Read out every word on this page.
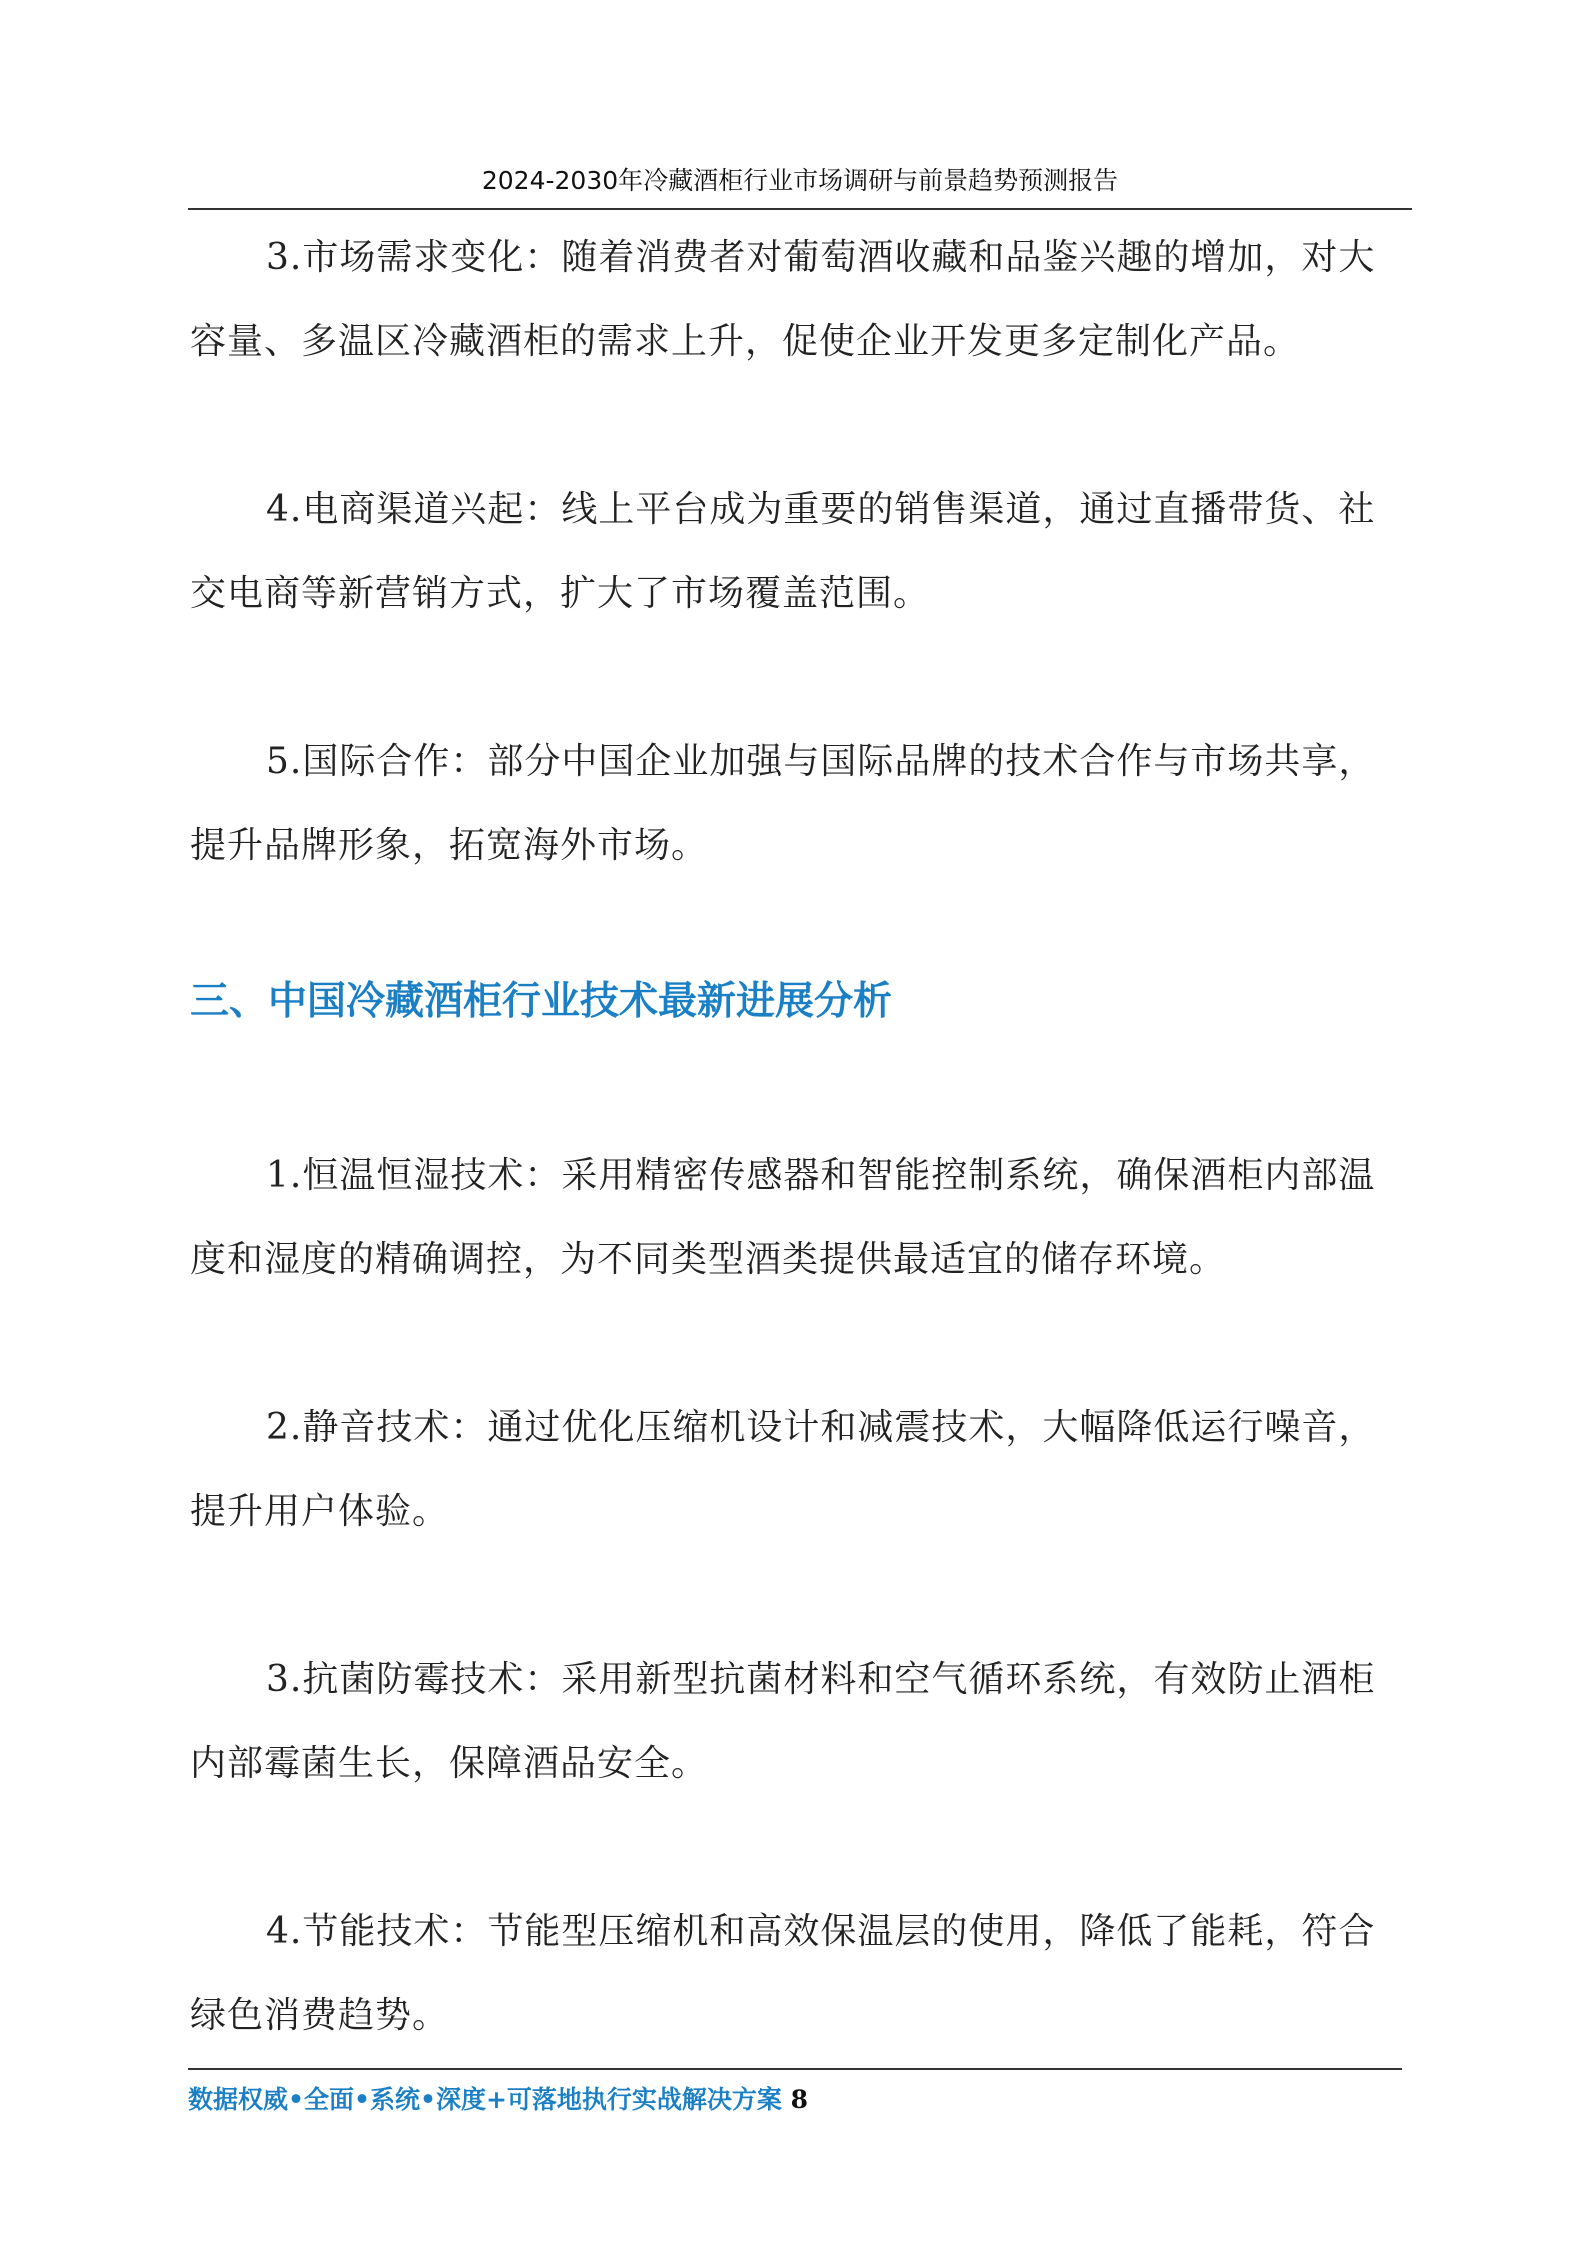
2024-2030年冷藏酒柜行业市场调研与前景趋势预测报告

3.市场需求变化：随着消费者对葡萄酒收藏和品鉴兴趣的增加，对大容量、多温区冷藏酒柜的需求上升，促使企业开发更多定制化产品。

4.电商渠道兴起：线上平台成为重要的销售渠道，通过直播带货、社交电商等新营销方式，扩大了市场覆盖范围。

5.国际合作：部分中国企业加强与国际品牌的技术合作与市场共享，提升品牌形象，拓宽海外市场。

三、中国冷藏酒柜行业技术最新进展分析

1.恒温恒湿技术：采用精密传感器和智能控制系统，确保酒柜内部温度和湿度的精确调控，为不同类型酒类提供最适宜的储存环境。

2.静音技术：通过优化压缩机设计和减震技术，大幅降低运行噪音，提升用户体验。

3.抗菌防霉技术：采用新型抗菌材料和空气循环系统，有效防止酒柜内部霉菌生长，保障酒品安全。

4.节能技术：节能型压缩机和高效保温层的使用，降低了能耗，符合绿色消费趋势。

数据权威•全面•系统•深度+可落地执行实战解决方案 8
